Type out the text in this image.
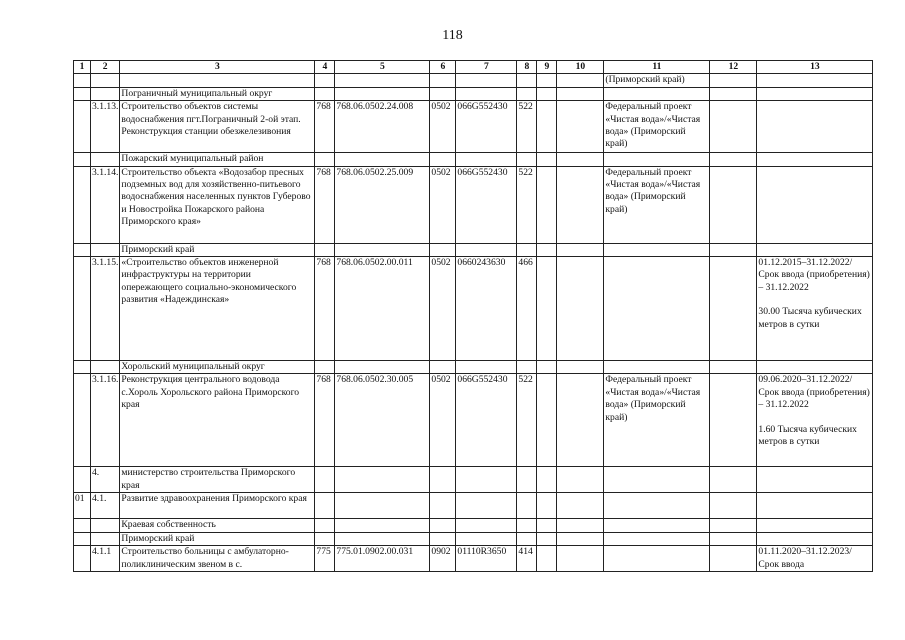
118
1	2	3	4	5	6	7	8	9	10	11	12	13
										(Приморский край)		
		Пограничный муниципальный округ										
	3.1.13.	Строительство объектов системы водоснабжения пгт.Пограничный 2-ой этап. Реконструкция станции обезжелезивония	768	768.06.0502.24.008	0502	066G552430	522			Федеральный проект «Чистая вода»/«Чистая вода» (Приморский край)		
		Пожарский муниципальный район										
	3.1.14.	Строительство объекта «Водозабор пресных подземных вод для хозяйственно-питьевого водоснабжения населенных пунктов Губерово и Новостройка Пожарского района Приморского края»	768	768.06.0502.25.009	0502	066G552430	522			Федеральный проект «Чистая вода»/«Чистая вода» (Приморский край)		
		Приморский край										
	3.1.15.	«Строительство объектов инженерной инфраструктуры на территории опережающего социально-экономического развития «Надеждинская»	768	768.06.0502.00.011	0502	0660243630	466					01.12.2015–31.12.2022/ Срок ввода (приобретения) – 31.12.2022
30.00 Тысяча кубических метров в сутки

		Хорольский муниципальный округ										
	3.1.16.	Реконструкция центрального водовода с.Хороль Хорольского района Приморского края	768	768.06.0502.30.005	0502	066G552430	522			Федеральный проект «Чистая вода»/«Чистая вода» (Приморский край)		09.06.2020–31.12.2022/ Срок ввода (приобретения) – 31.12.2022
1.60 Тысяча кубических метров в сутки

	4.	министерство строительства Приморского края										
01	4.1.	Развитие здравоохранения Приморского края										
		Краевая собственность										
		Приморский край										
	4.1.1	Строительство больницы с амбулаторно-поликлиническим звеном в с.	775	775.01.0902.00.031	0902	01110R3650	414					01.11.2020–31.12.2023/ Срок ввода
